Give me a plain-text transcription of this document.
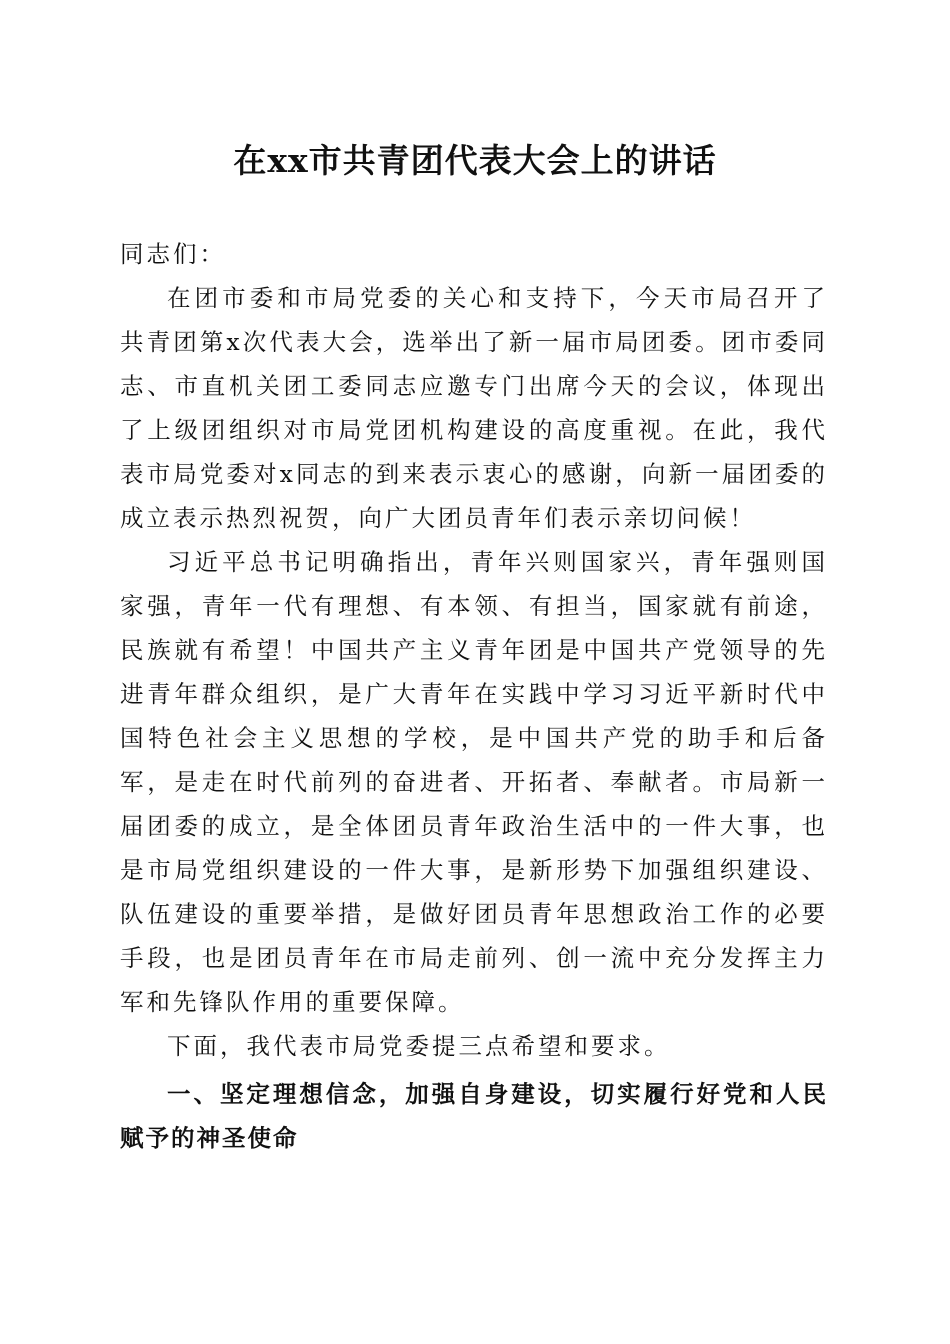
在xx市共青团代表大会上的讲话

同志们：

在团市委和市局党委的关心和支持下，今天市局召开了共青团第x次代表大会，选举出了新一届市局团委。团市委同志、市直机关团工委同志应邀专门出席今天的会议，体现出了上级团组织对市局党团机构建设的高度重视。在此，我代表市局党委对x同志的到来表示衷心的感谢，向新一届团委的成立表示热烈祝贺，向广大团员青年们表示亲切问候！

习近平总书记明确指出，青年兴则国家兴，青年强则国家强，青年一代有理想、有本领、有担当，国家就有前途，民族就有希望！中国共产主义青年团是中国共产党领导的先进青年群众组织，是广大青年在实践中学习习近平新时代中国特色社会主义思想的学校，是中国共产党的助手和后备军，是走在时代前列的奋进者、开拓者、奉献者。市局新一届团委的成立，是全体团员青年政治生活中的一件大事，也是市局党组织建设的一件大事，是新形势下加强组织建设、队伍建设的重要举措，是做好团员青年思想政治工作的必要手段，也是团员青年在市局走前列、创一流中充分发挥主力军和先锋队作用的重要保障。

下面，我代表市局党委提三点希望和要求。

一、坚定理想信念，加强自身建设，切实履行好党和人民赋予的神圣使命
